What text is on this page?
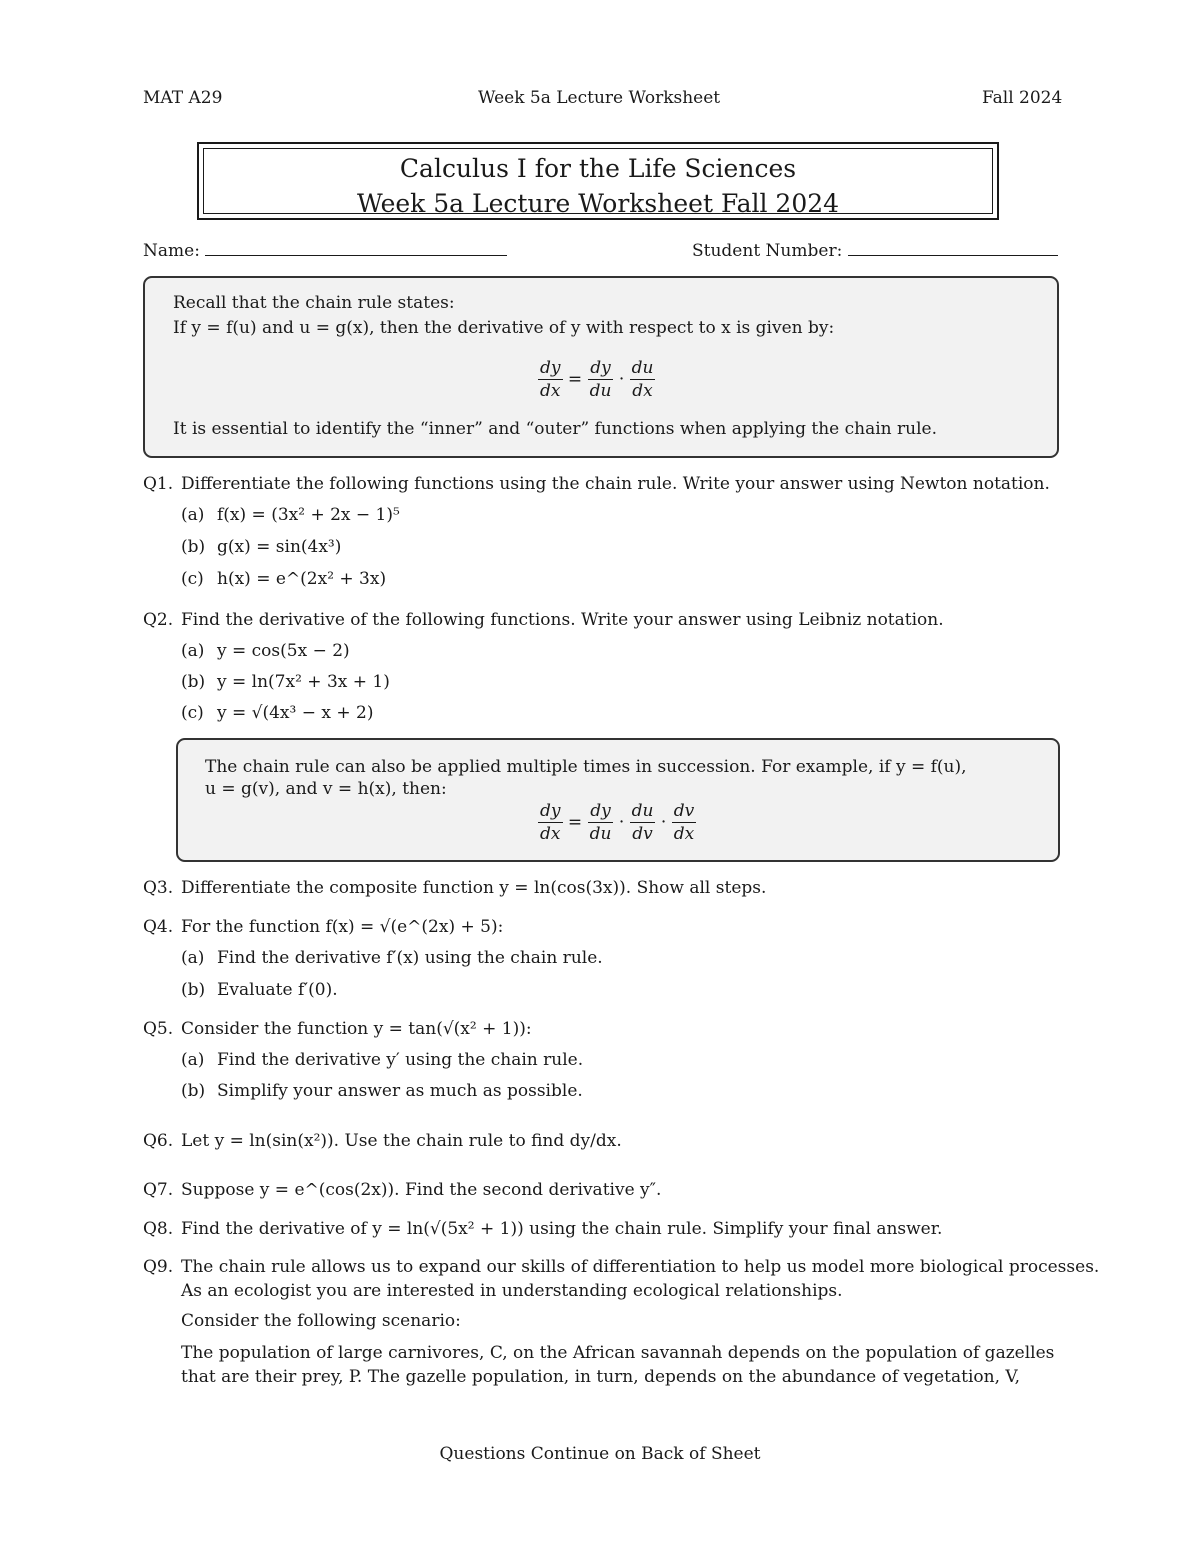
MAT A29	Week 5a Lecture Worksheet	Fall 2024
Calculus I for the Life Sciences
Week 5a Lecture Worksheet Fall 2024
Name:	Student Number:
Recall that the chain rule states:
If y = f(u) and u = g(x), then the derivative of y with respect to x is given by:
$\frac{dy}{dx} = \frac{dy}{du} \cdot \frac{du}{dx}$
It is essential to identify the “inner” and “outer” functions when applying the chain rule.
Q1. Differentiate the following functions using the chain rule. Write your answer using Newton notation.
(a) f(x) = (3x² + 2x − 1)⁵
(b) g(x) = sin(4x³)
(c) h(x) = e^(2x² + 3x)
Q2. Find the derivative of the following functions. Write your answer using Leibniz notation.
(a) y = cos(5x − 2)
(b) y = ln(7x² + 3x + 1)
(c) y = √(4x³ − x + 2)
The chain rule can also be applied multiple times in succession. For example, if y = f(u),
u = g(v), and v = h(x), then:
$\frac{dy}{dx} = \frac{dy}{du} \cdot \frac{du}{dv} \cdot \frac{dv}{dx}$
Q3. Differentiate the composite function y = ln(cos(3x)). Show all steps.
Q4. For the function f(x) = √(e^(2x) + 5):
(a) Find the derivative f′(x) using the chain rule.
(b) Evaluate f′(0).
Q5. Consider the function y = tan(√(x² + 1)):
(a) Find the derivative y′ using the chain rule.
(b) Simplify your answer as much as possible.
Q6. Let y = ln(sin(x²)). Use the chain rule to find dy/dx.
Q7. Suppose y = e^(cos(2x)). Find the second derivative y″.
Q8. Find the derivative of y = ln(√(5x² + 1)) using the chain rule. Simplify your final answer.
Q9. The chain rule allows us to expand our skills of differentiation to help us model more biological processes.
As an ecologist you are interested in understanding ecological relationships.
Consider the following scenario:
The population of large carnivores, C, on the African savannah depends on the population of gazelles
that are their prey, P. The gazelle population, in turn, depends on the abundance of vegetation, V,
Questions Continue on Back of Sheet
